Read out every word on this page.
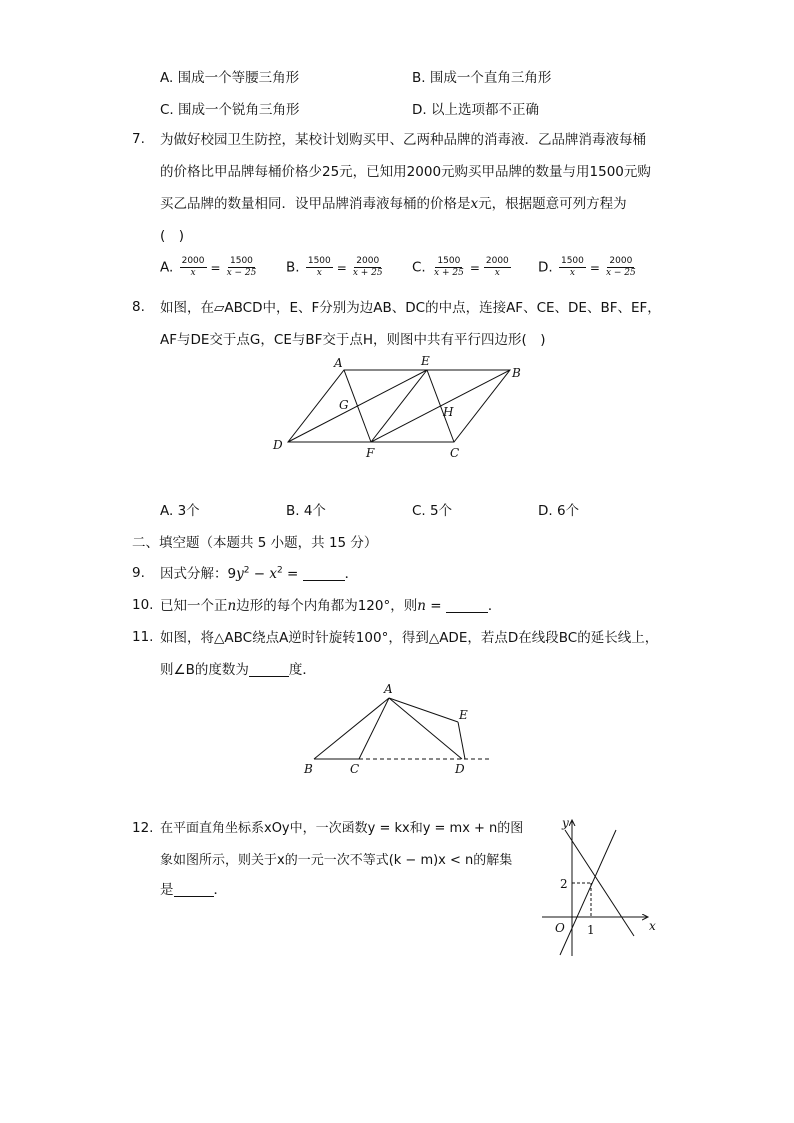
A. 围成一个等腰三角形	B. 围成一个直角三角形
C. 围成一个锐角三角形	D. 以上选项都不正确
7. 为做好校园卫生防控，某校计划购买甲、乙两种品牌的消毒液．乙品牌消毒液每桶
的价格比甲品牌每桶价格少25元，已知用2000元购买甲品牌的数量与用1500元购
买乙品牌的数量相同．设甲品牌消毒液每桶的价格是x元，根据题意可列方程为
(　)
A. $\frac{2000}{x} = \frac{1500}{x - 25} B$. $\frac{1500}{x} = \frac{2000}{x + 25} C$. $\frac{1500}{x + 25} = \frac{2000}{x} D$. $\frac{1500}{x} = \frac{2000}{x - 25}$
8. 如图，在▱ABCD中，E、F分别为边AB、DC的中点，连接AF、CE、DE、BF、EF，
AF与DE交于点G，CE与BF交于点H，则图中共有平行四边形(　)
A	E
B
G	H
D
F	C
A. 3个	B. 4个	C. 5个	D. 6个
二、填空题（本题共 5 小题，共 15 分）
9. 因式分解：$9y^2 - x^2$ =	．
10. 已知一个正n边形的每个内角都为120°，则n =	．
11. 如图，将△ABC绕点A逆时针旋转100°，得到△ADE，若点D在线段BC的延长线上，
则∠B的度数为	度．
A
E
B	C	D
12. 在平面直角坐标系xOy中，一次函数y = kx和y = mx + n的图
象如图所示，则关于x的一元一次不等式(k − m)x < n的解集
是	．
y
x
O
2
1
